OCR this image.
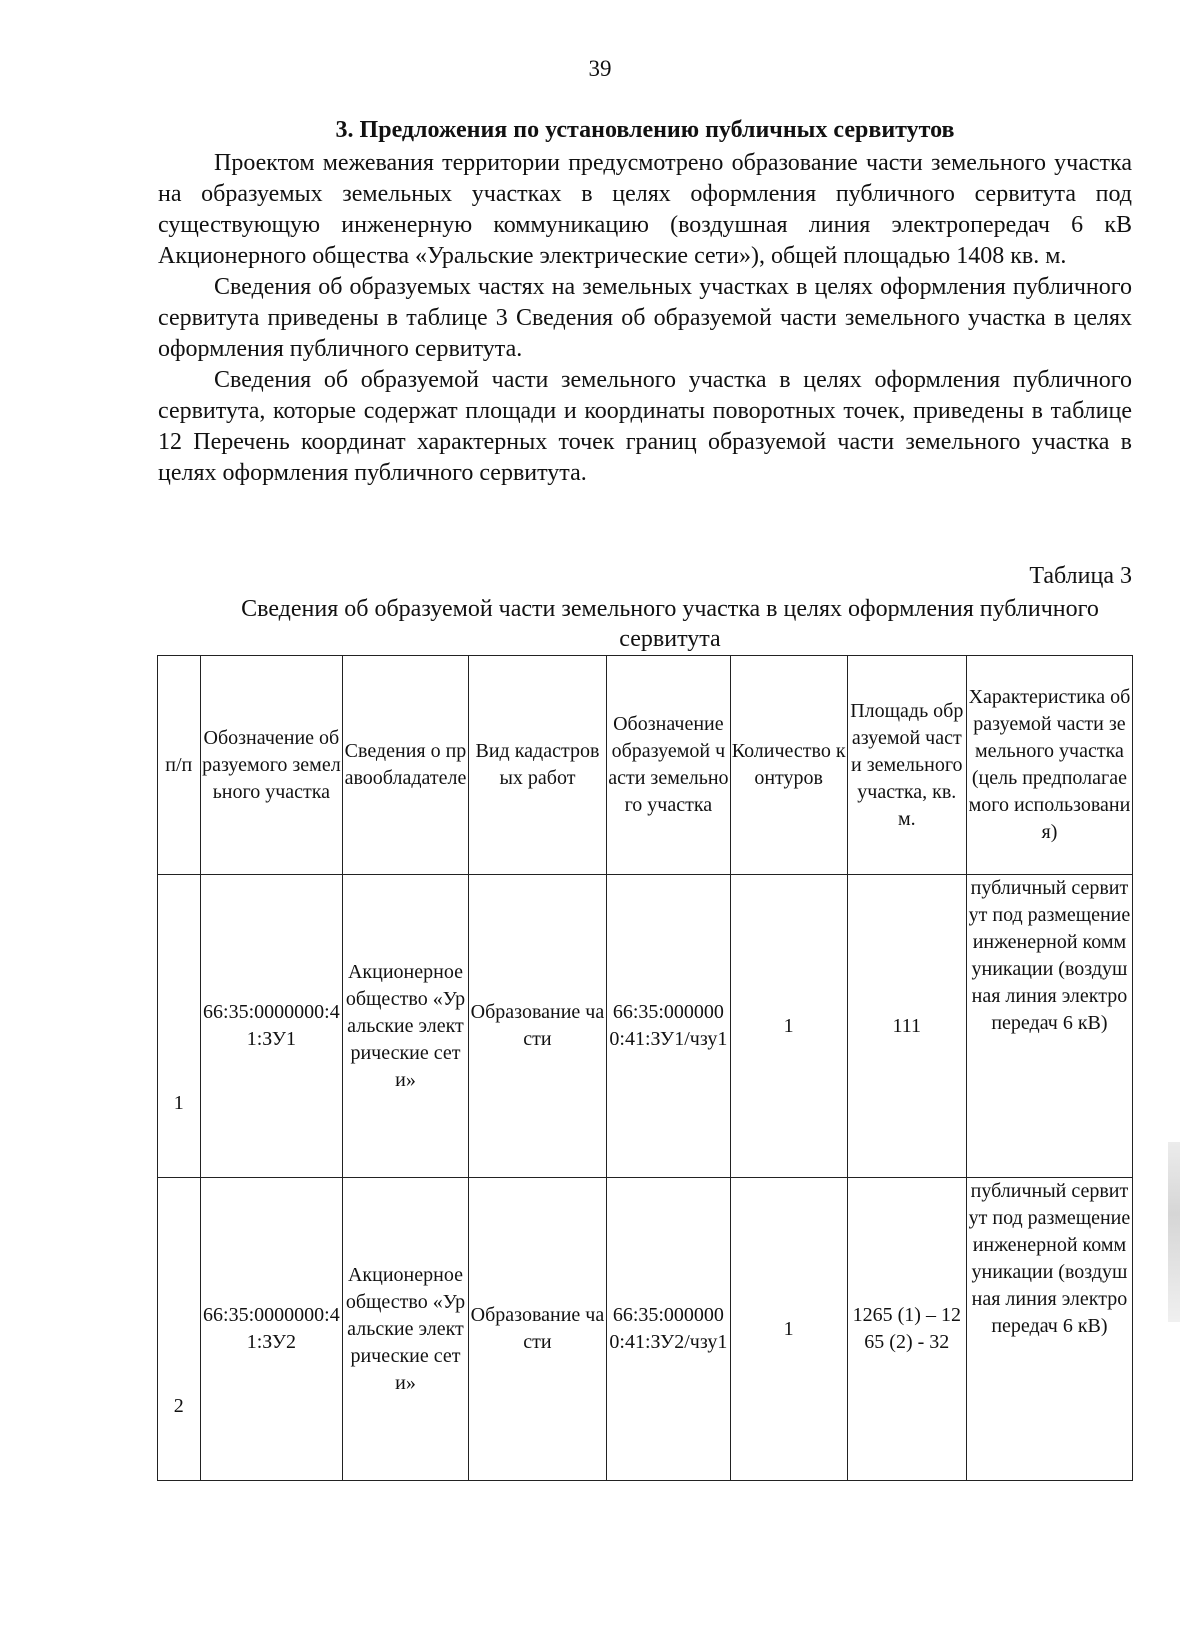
39
3. Предложения по установлению публичных сервитутов

Проектом межевания территории предусмотрено образование части земельного участка на образуемых земельных участках в целях оформления публичного сервитута под существующую инженерную коммуникацию (воздушная линия электропередач 6 кВ Акционерного общества «Уральские электрические сети»), общей площадью 1408 кв. м.

Сведения об образуемых частях на земельных участках в целях оформления публичного сервитута приведены в таблице 3 Сведения об образуемой части земельного участка в целях оформления публичного сервитута.

Сведения об образуемой части земельного участка в целях оформления публичного сервитута, которые содержат площади и координаты поворотных точек, приведены в таблице 12 Перечень координат характерных точек границ образуемой части земельного участка в целях оформления публичного сервитута.

Таблица 3
Сведения об образуемой части земельного участка в целях оформления публичного сервитута
п/п	Обозначение образуемого земельного участка	Сведения о правообладателе	Вид кадастровых работ	Обозначение образуемой части земельного участка	Количество контуров	Площадь образуемой части земельного участка, кв.м.	Характеристика образуемой части земельного участка (цель предполагаемого использования)
1	66:35:0000000:41:ЗУ1	Акционерное общество «Уральские электрические сети»	Образование части	66:35:0000000:41:ЗУ1/чзу1	1	111	публичный сервитут под размещение инженерной коммуникации (воздушная линия электропередач 6 кВ)
2	66:35:0000000:41:ЗУ2	Акционерное общество «Уральские электрические сети»	Образование части	66:35:0000000:41:ЗУ2/чзу1	1	1265 (1) – 1265 (2) - 32	публичный сервитут под размещение инженерной коммуникации (воздушная линия электропередач 6 кВ)
